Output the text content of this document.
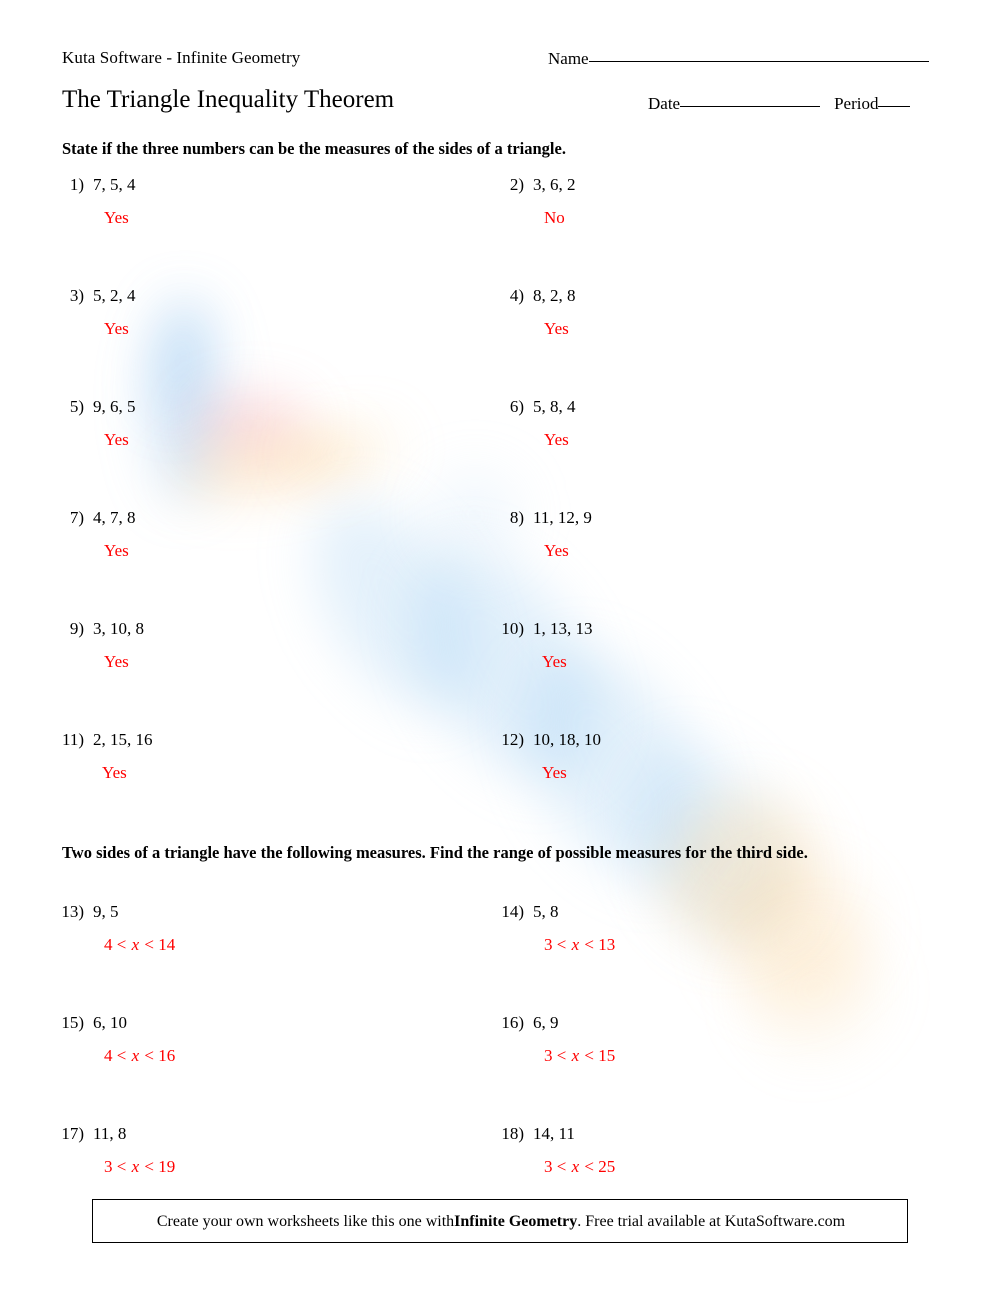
Kuta Software - Infinite Geometry
The Triangle Inequality Theorem
Name
Date	Period
State if the three numbers can be the measures of the sides of a triangle.
1) 7, 5, 4
Yes
2) 3, 6, 2
No
3) 5, 2, 4
Yes
4) 8, 2, 8
Yes
5) 9, 6, 5
Yes
6) 5, 8, 4
Yes
7) 4, 7, 8
Yes
8) 11, 12, 9
Yes
9) 3, 10, 8
Yes
10) 1, 13, 13
Yes
11) 2, 15, 16
Yes
12) 10, 18, 10
Yes
Two sides of a triangle have the following measures. Find the range of possible measures for the third side.
13) 9, 5
4 < x < 14
14) 5, 8
3 < x < 13
15) 6, 10
4 < x < 16
16) 6, 9
3 < x < 15
17) 11, 8
3 < x < 19
18) 14, 11
3 < x < 25
Create your own worksheets like this one with Infinite Geometry . Free trial available at KutaSoftware.com
